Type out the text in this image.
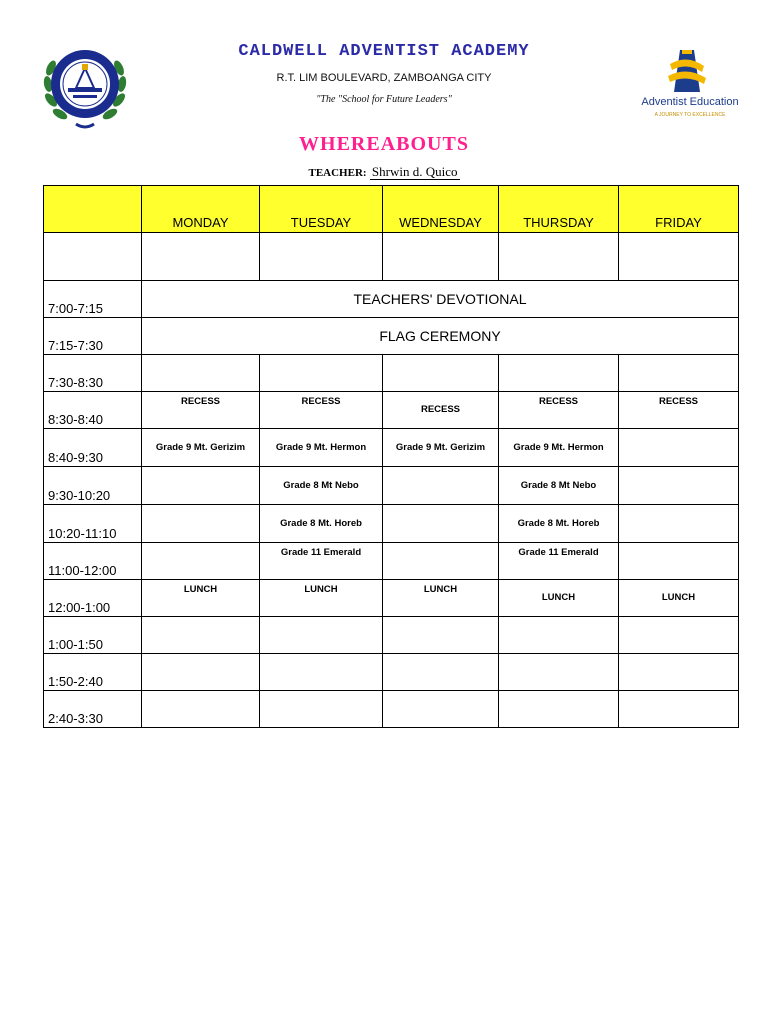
Adventist Education
A JOURNEY TO EXCELLENCE
CALDWELL ADVENTIST ACADEMY
R.T. LIM BOULEVARD, ZAMBOANGA CITY
"The "School for Future Leaders"
WHEREABOUTS
TEACHER: Shrwin d. Quico
	MONDAY	TUESDAY	WEDNESDAY	THURSDAY	FRIDAY

7:00-7:15	TEACHERS' DEVOTIONAL				
7:15-7:30	FLAG CEREMONY				
7:30-8:30					
8:30-8:40	RECESS	RECESS	RECESS	RECESS	RECESS
8:40-9:30	Grade 9 Mt. Gerizim	Grade 9 Mt. Hermon	Grade 9 Mt. Gerizim	Grade 9 Mt. Hermon	
9:30-10:20		Grade 8 Mt Nebo		Grade 8 Mt Nebo	
10:20-11:10		Grade 8 Mt. Horeb		Grade 8 Mt. Horeb	
11:00-12:00		Grade 11 Emerald		Grade 11 Emerald	
12:00-1:00	LUNCH	LUNCH	LUNCH	LUNCH	LUNCH
1:00-1:50					
1:50-2:40					
2:40-3:30					
